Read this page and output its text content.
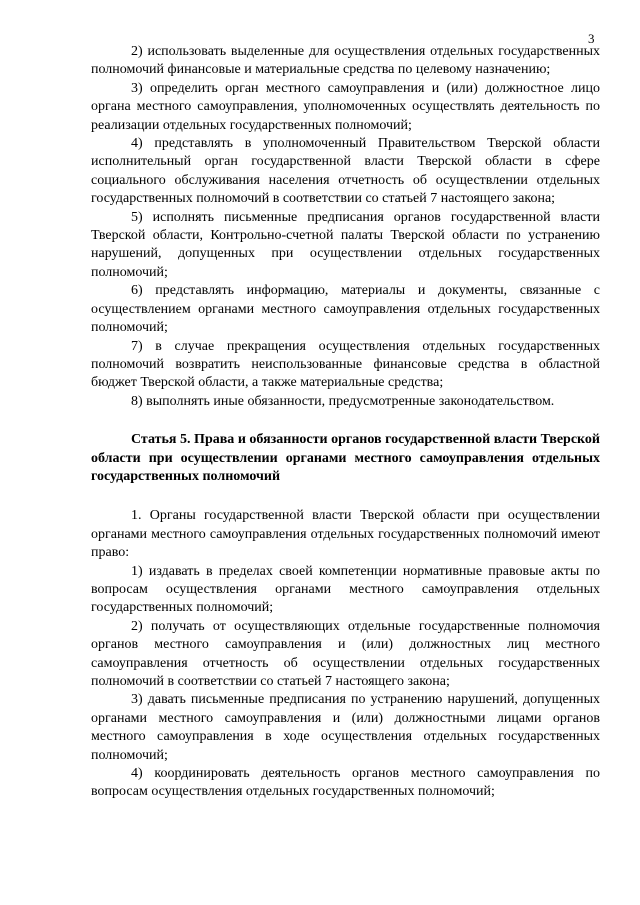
3

2) использовать выделенные для осуществления отдельных государственных полномочий финансовые и материальные средства по целевому назначению;

3) определить орган местного самоуправления и (или) должностное лицо органа местного самоуправления, уполномоченных осуществлять деятельность по реализации отдельных государственных полномочий;

4) представлять в уполномоченный Правительством Тверской области исполнительный орган государственной власти Тверской области в сфере социального обслуживания населения отчетность об осуществлении отдельных государственных полномочий в соответствии со статьей 7 настоящего закона;

5) исполнять письменные предписания органов государственной власти Тверской области, Контрольно-счетной палаты Тверской области по устранению нарушений, допущенных при осуществлении отдельных государственных полномочий;

6) представлять информацию, материалы и документы, связанные с осуществлением органами местного самоуправления отдельных государственных полномочий;

7) в случае прекращения осуществления отдельных государственных полномочий возвратить неиспользованные финансовые средства в областной бюджет Тверской области, а также материальные средства;

8) выполнять иные обязанности, предусмотренные законодательством.

Статья 5. Права и обязанности органов государственной власти Тверской области при осуществлении органами местного самоуправления отдельных государственных полномочий

1. Органы государственной власти Тверской области при осуществлении органами местного самоуправления отдельных государственных полномочий имеют право:

1) издавать в пределах своей компетенции нормативные правовые акты по вопросам осуществления органами местного самоуправления отдельных государственных полномочий;

2) получать от осуществляющих отдельные государственные полномочия органов местного самоуправления и (или) должностных лиц местного самоуправления отчетность об осуществлении отдельных государственных полномочий в соответствии со статьей 7 настоящего закона;

3) давать письменные предписания по устранению нарушений, допущенных органами местного самоуправления и (или) должностными лицами органов местного самоуправления в ходе осуществления отдельных государственных полномочий;

4) координировать деятельность органов местного самоуправления по вопросам осуществления отдельных государственных полномочий;
